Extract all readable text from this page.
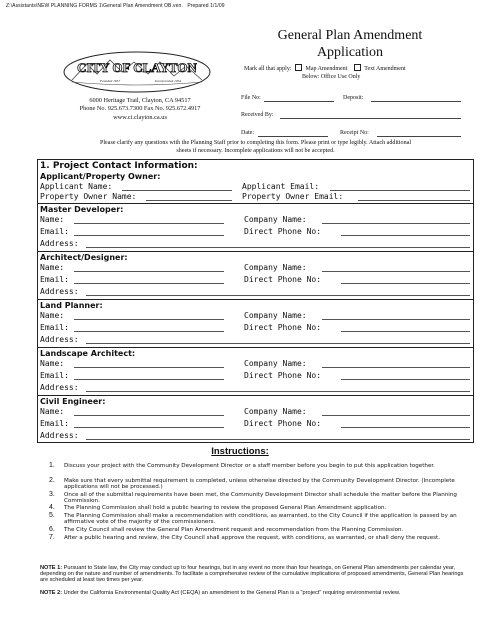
Z:\Assistants\NEW PLANNING FORMS 1\General Plan Amendment OB.ven. Prepared 1/1/09
General Plan Amendment
Application
CITY OF CLAYTON
Founded 1857	Incorporated 1964
6000 Heritage Trail, Clayton, CA 94517
Phone No. 925.673.7300 Fax No. 925.672.4917
www.ci.clayton.ca.us
Mark all that apply: Map Amendment	Text Amendment
Below: Office Use Only
File No:	Deposit:
Received By:
Date:	Receipt No:
Please clarify any questions with the Planning Staff prior to completing this form. Please print or type legibly. Attach additional
sheets if necessary. Incomplete applications will not be accepted.
1. Project Contact Information:
Applicant/Property Owner:
Applicant Name:	Applicant Email:
Property Owner Name:	Property Owner Email:
Master Developer:
Name:	Company Name:
Email:	Direct Phone No:
Address:
Architect/Designer:
Name:	Company Name:
Email:	Direct Phone No:
Address:
Land Planner:
Name:	Company Name:
Email:	Direct Phone No:
Address:
Landscape Architect:
Name:	Company Name:
Email:	Direct Phone No:
Address:
Civil Engineer:
Name:	Company Name:
Email:	Direct Phone No:
Address:
Instructions:
1. Discuss your project with the Community Development Director or a staff member before you begin to put this application together.
2. Make sure that every submittal requirement is completed, unless otherwise directed by the Community Development Director. (Incomplete applications will not be processed.)
3. Once all of the submittal requirements have been met, the Community Development Director shall schedule the matter before the Planning Commission.
4. The Planning Commission shall hold a public hearing to review the proposed General Plan Amendment application.
5. The Planning Commission shall make a recommendation with conditions, as warranted, to the City Council if the application is passed by an affirmative vote of the majority of the commissioners.
6. The City Council shall review the General Plan Amendment request and recommendation from the Planning Commission.
7. After a public hearing and review, the City Council shall approve the request, with conditions, as warranted, or shall deny the request.
NOTE 1: Pursuant to State law, the City may conduct up to four hearings, but in any event no more than four hearings, on General Plan amendments per calendar year, depending on the nature and number of amendments. To facilitate a comprehensive review of the cumulative implications of proposed amendments, General Plan hearings are scheduled at least two times per year.
NOTE 2: Under the California Environmental Quality Act (CEQA) an amendment to the General Plan is a "project" requiring environmental review.
